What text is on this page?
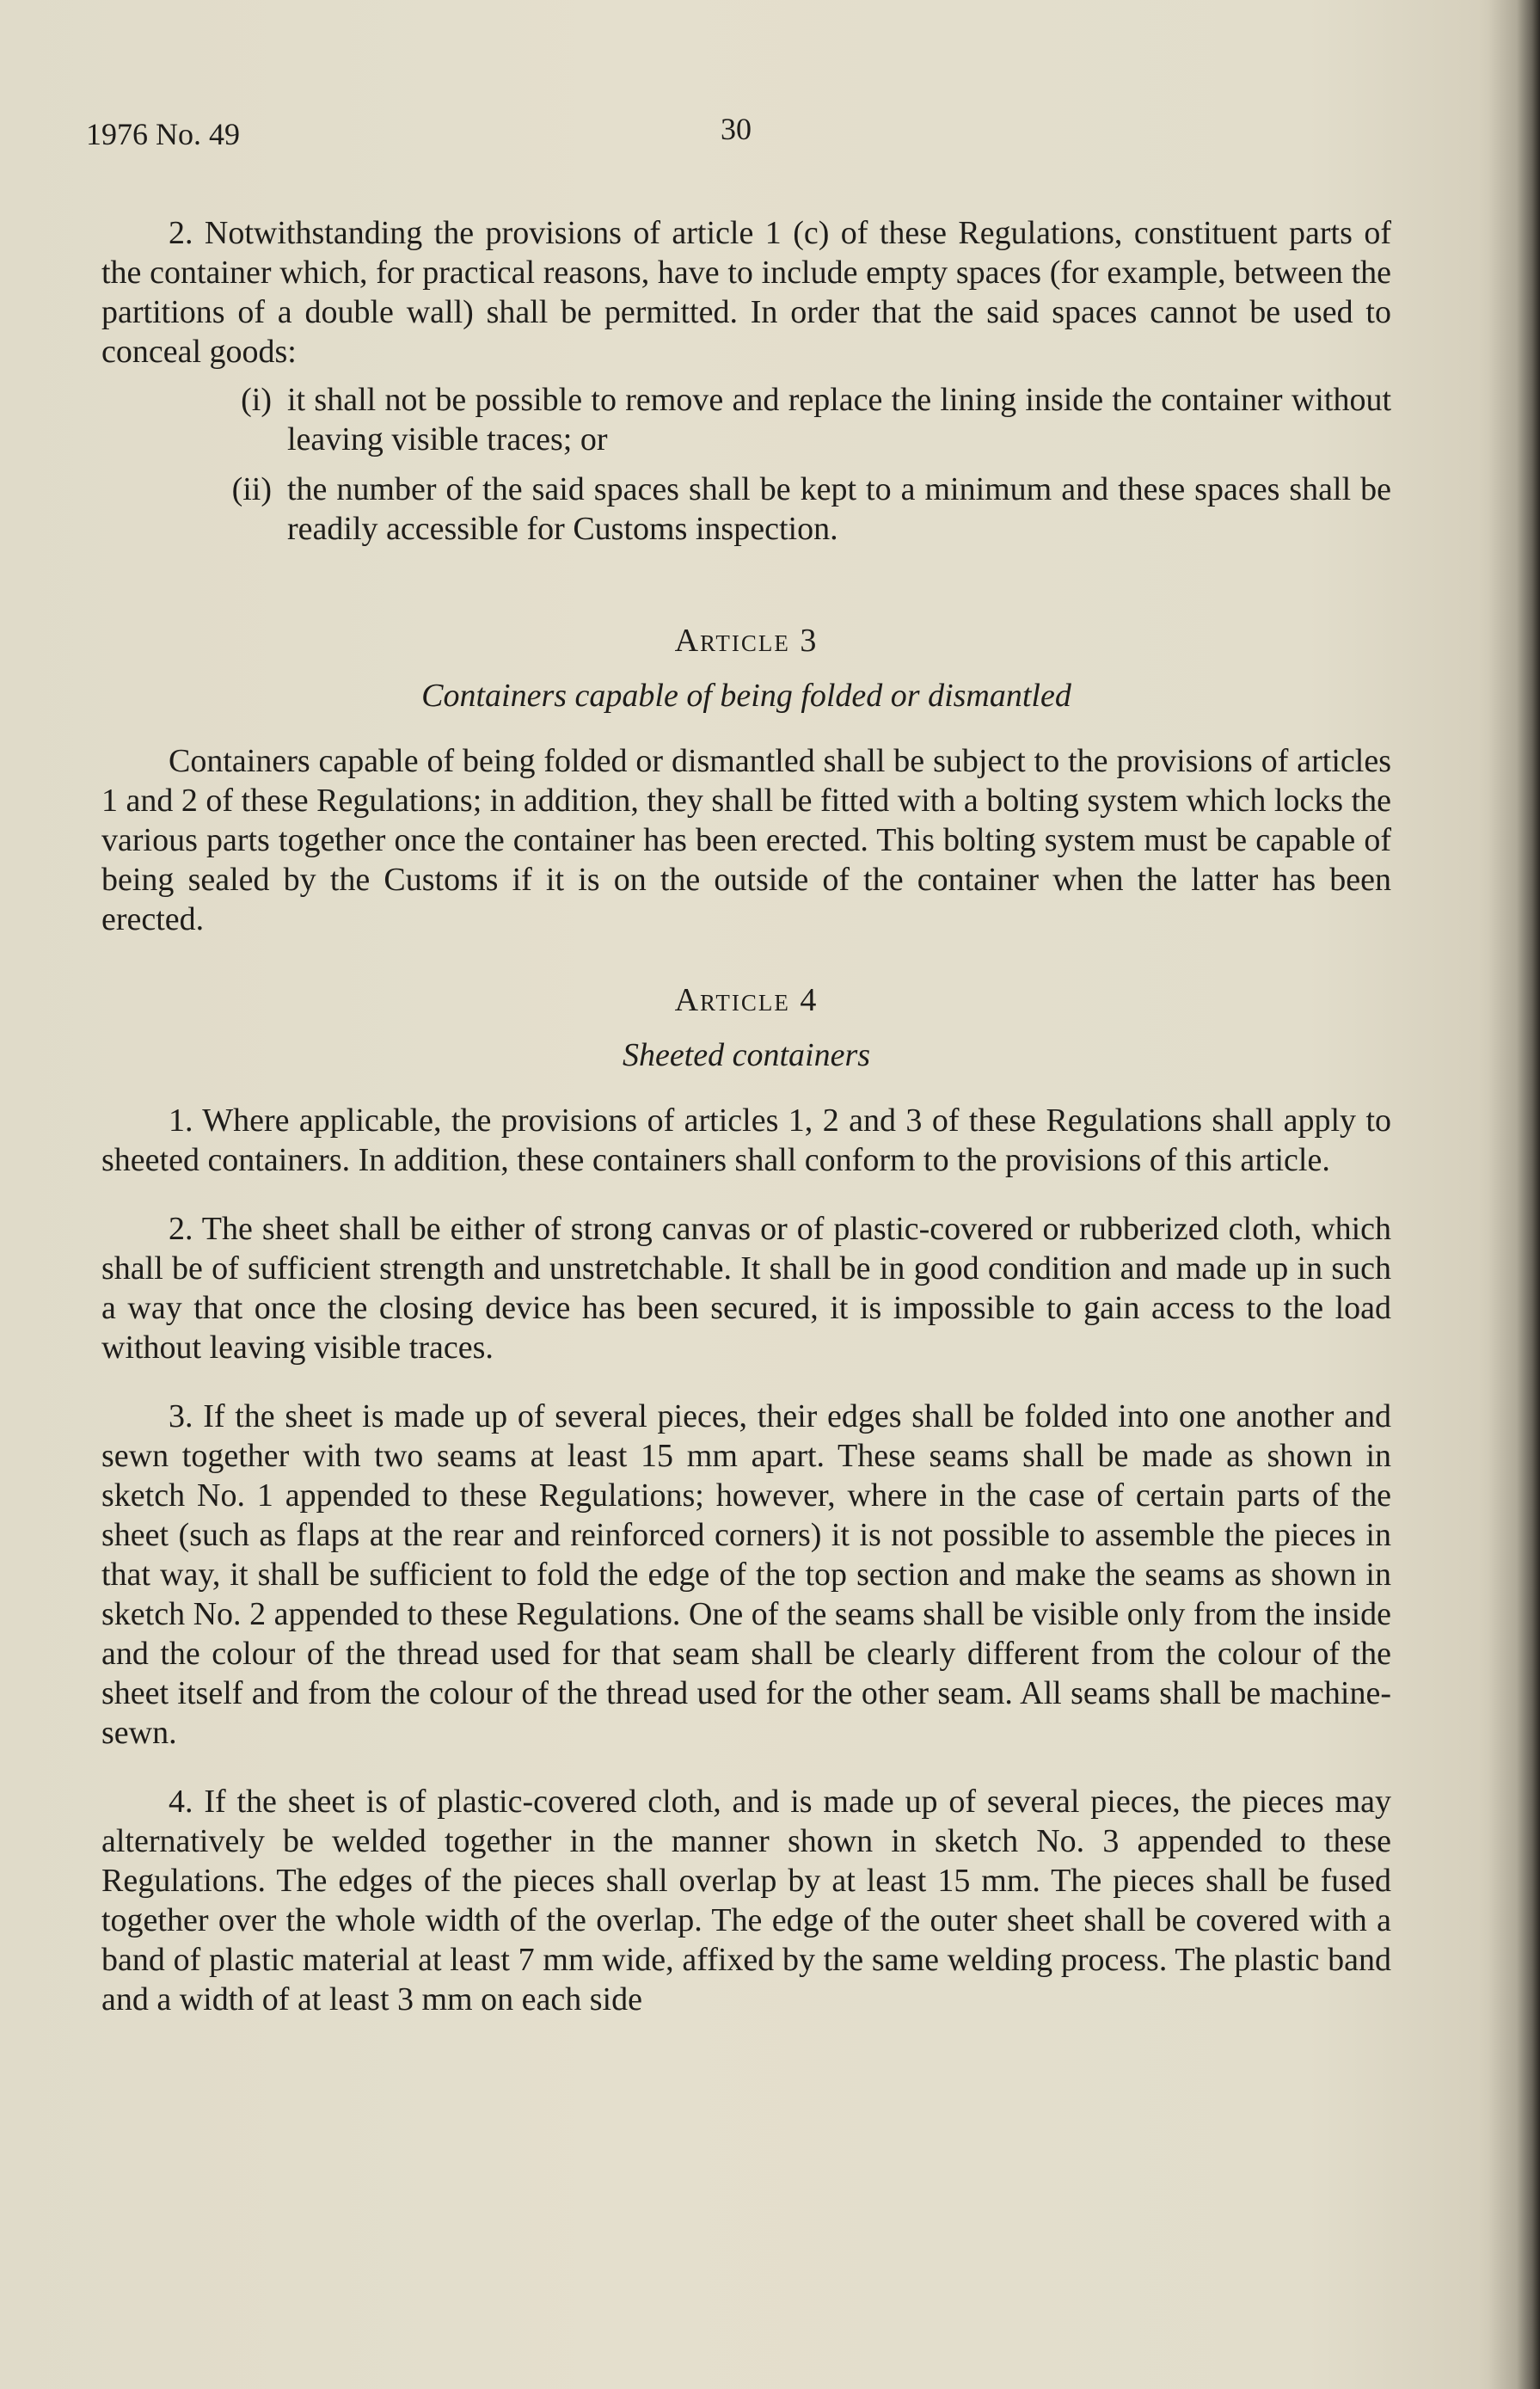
1976 No. 49	30

2. Notwithstanding the provisions of article 1 (c) of these Regulations, constituent parts of the container which, for practical reasons, have to include empty spaces (for example, between the partitions of a double wall) shall be permitted. In order that the said spaces cannot be used to conceal goods:

(i) it shall not be possible to remove and replace the lining inside the container without leaving visible traces; or
(ii) the number of the said spaces shall be kept to a minimum and these spaces shall be readily accessible for Customs inspection.
Article 3
Containers capable of being folded or dismantled

Containers capable of being folded or dismantled shall be subject to the provisions of articles 1 and 2 of these Regulations; in addition, they shall be fitted with a bolting system which locks the various parts together once the container has been erected. This bolting system must be capable of being sealed by the Customs if it is on the outside of the container when the latter has been erected.

Article 4
Sheeted containers

1. Where applicable, the provisions of articles 1, 2 and 3 of these Regulations shall apply to sheeted containers. In addition, these containers shall conform to the provisions of this article.

2. The sheet shall be either of strong canvas or of plastic-covered or rubberized cloth, which shall be of sufficient strength and unstretchable. It shall be in good condition and made up in such a way that once the closing device has been secured, it is impossible to gain access to the load without leaving visible traces.

3. If the sheet is made up of several pieces, their edges shall be folded into one another and sewn together with two seams at least 15 mm apart. These seams shall be made as shown in sketch No. 1 appended to these Regulations; however, where in the case of certain parts of the sheet (such as flaps at the rear and reinforced corners) it is not possible to assemble the pieces in that way, it shall be sufficient to fold the edge of the top section and make the seams as shown in sketch No. 2 appended to these Regulations. One of the seams shall be visible only from the inside and the colour of the thread used for that seam shall be clearly different from the colour of the sheet itself and from the colour of the thread used for the other seam. All seams shall be machine-sewn.

4. If the sheet is of plastic-covered cloth, and is made up of several pieces, the pieces may alternatively be welded together in the manner shown in sketch No. 3 appended to these Regulations. The edges of the pieces shall overlap by at least 15 mm. The pieces shall be fused together over the whole width of the overlap. The edge of the outer sheet shall be covered with a band of plastic material at least 7 mm wide, affixed by the same welding process. The plastic band and a width of at least 3 mm on each side
